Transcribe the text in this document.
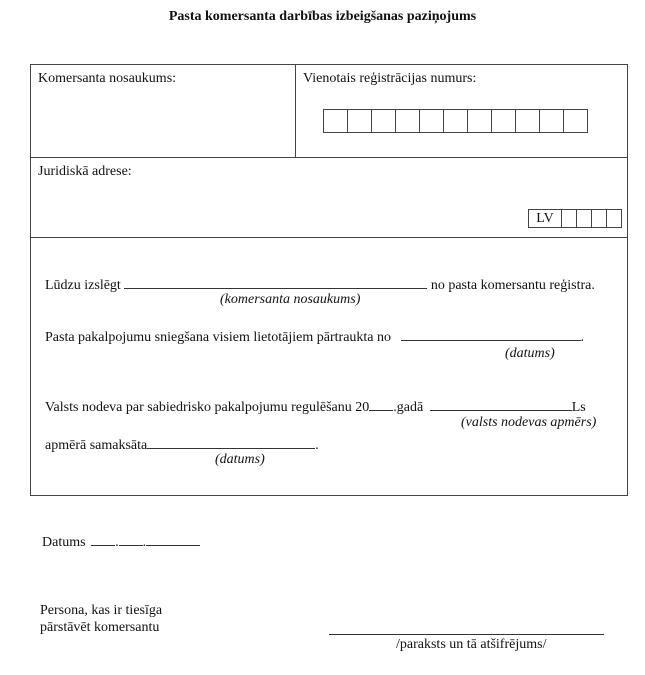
Pasta komersanta darbības izbeigšanas paziņojums
Komersanta nosaukums:	Vienotais reģistrācijas numurs:
Juridiskā adrese:
LV
Lūdzu izslēgt	no pasta komersantu reģistra.
(komersanta nosaukums)
Pasta pakalpojumu sniegšana visiem lietotājiem pārtraukta no	.
(datums)
Valsts nodeva par sabiedrisko pakalpojumu regulēšanu 20 .gadā	Ls
(valsts nodevas apmērs)
apmērā samaksāta	.
(datums)
Datums . .
Persona, kas ir tiesīga
pārstāvēt komersantu
/paraksts un tā atšifrējums/
